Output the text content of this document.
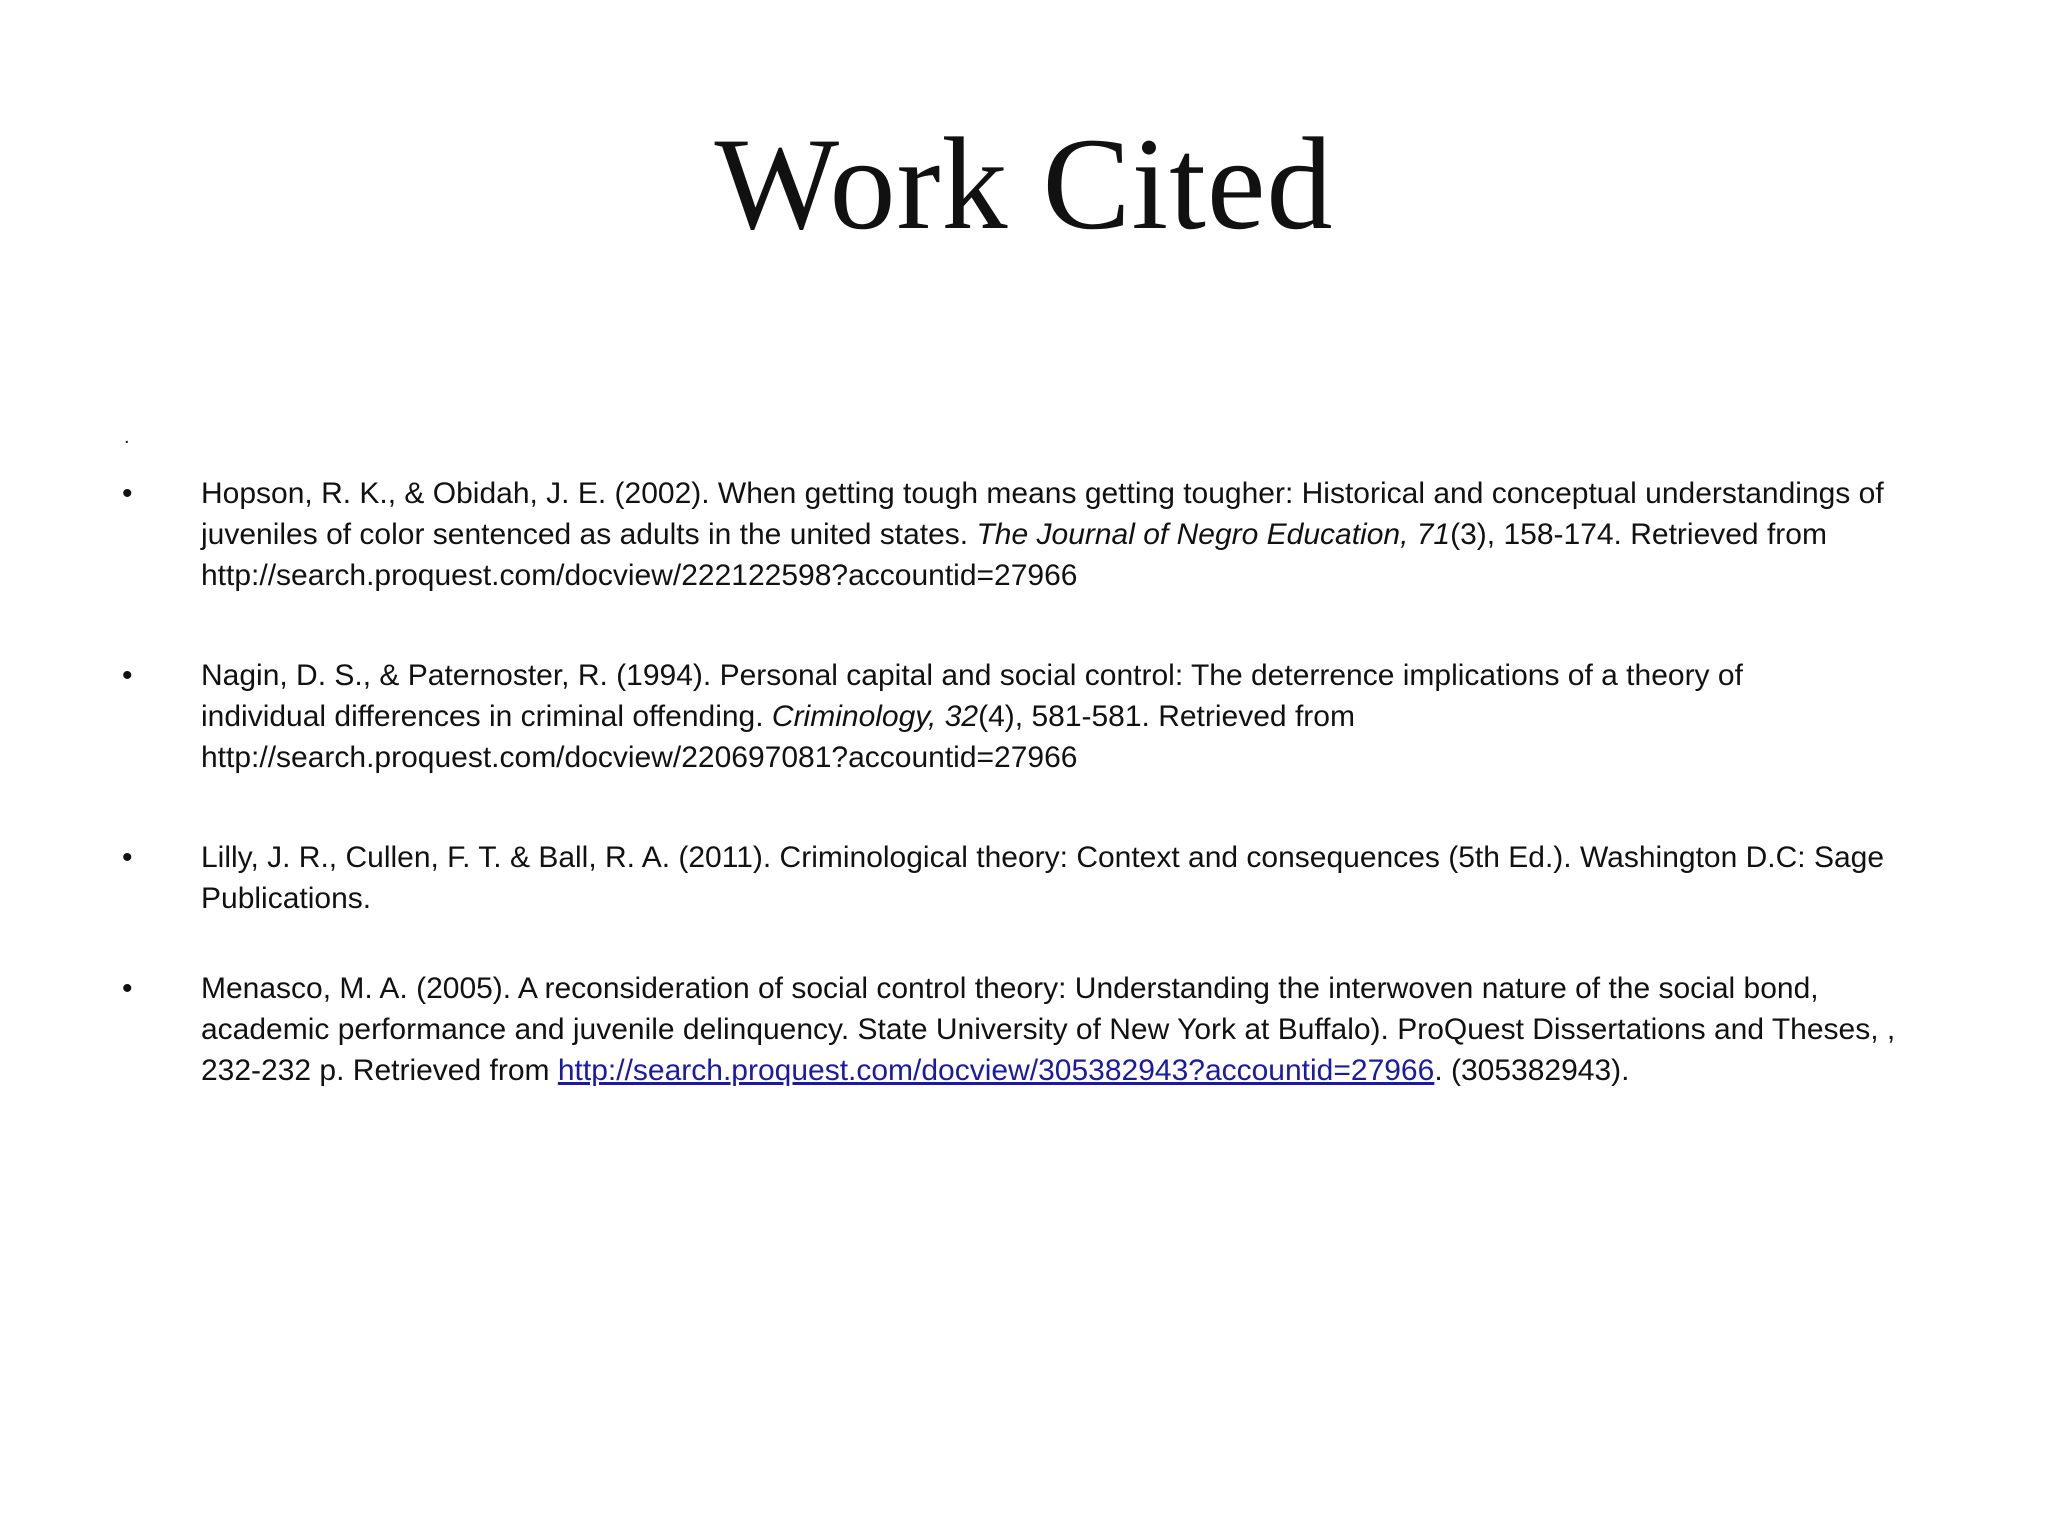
Work Cited
.
• Hopson, R. K., & Obidah, J. E. (2002). When getting tough means getting tougher: Historical and conceptual understandings of juveniles of color sentenced as adults in the united states. The Journal of Negro Education, 71(3), 158-174. Retrieved from http://search.proquest.com/docview/222122598?accountid=27966
• Nagin, D. S., & Paternoster, R. (1994). Personal capital and social control: The deterrence implications of a theory of individual differences in criminal offending. Criminology, 32(4), 581-581. Retrieved from http://search.proquest.com/docview/220697081?accountid=27966
• Lilly, J. R., Cullen, F. T. & Ball, R. A. (2011). Criminological theory: Context and consequences (5th Ed.). Washington D.C: Sage Publications.
• Menasco, M. A. (2005). A reconsideration of social control theory: Understanding the interwoven nature of the social bond, academic performance and juvenile delinquency. State University of New York at Buffalo). ProQuest Dissertations and Theses, , 232-232 p. Retrieved from http://search.proquest.com/docview/305382943?accountid=27966. (305382943).
